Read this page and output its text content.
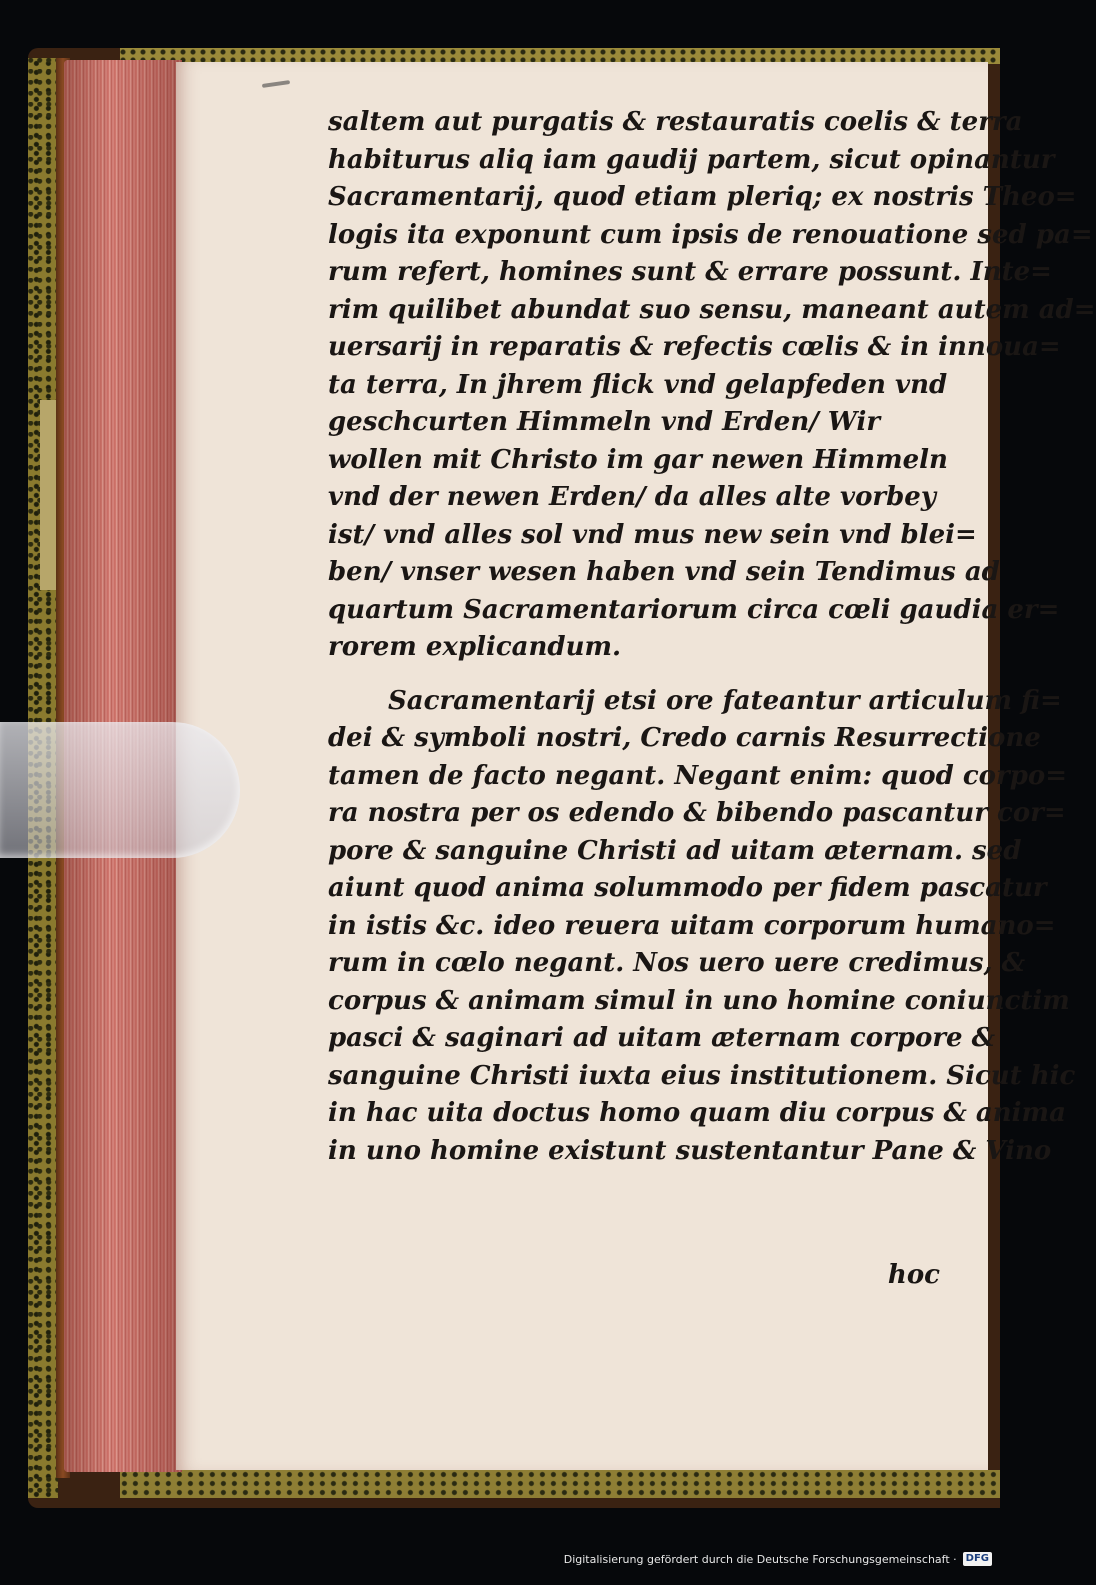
saltem aut purgatis & restauratis coelis & terra
habiturus aliq iam gaudij partem, sicut opinantur
Sacramentarij, quod etiam pleriq; ex nostris Theo=
logis ita exponunt cum ipsis de renouatione sed pa=
rum refert, homines sunt & errare possunt. Inte=
rim quilibet abundat suo sensu, maneant autem ad=
uersarij in reparatis & refectis cœlis & in innoua=
ta terra, In jhrem flick vnd gelapfeden vnd
geschcurten Himmeln vnd Erden/ Wir
wollen mit Christo im gar newen Himmeln
vnd der newen Erden/ da alles alte vorbey
ist/ vnd alles sol vnd mus new sein vnd blei=
ben/ vnser wesen haben vnd sein Tendimus ad
quartum Sacramentariorum circa cœli gaudia er=
rorem explicandum.
Sacramentarij etsi ore fateantur articulum fi=
dei & symboli nostri, Credo carnis Resurrectione
tamen de facto negant. Negant enim: quod corpo=
ra nostra per os edendo & bibendo pascantur cor=
pore & sanguine Christi ad uitam æternam. sed
aiunt quod anima solummodo per fidem pascatur
in istis &c. ideo reuera uitam corporum humano=
rum in cœlo negant. Nos uero uere credimus, &
corpus & animam simul in uno homine coniunctim
pasci & saginari ad uitam æternam corpore &
sanguine Christi iuxta eius institutionem. Sicut hic
in hac uita doctus homo quam diu corpus & anima
in uno homine existunt sustentantur Pane & Vino
hoc
Digitalisierung gefördert durch die Deutsche Forschungsgemeinschaft · DFG
